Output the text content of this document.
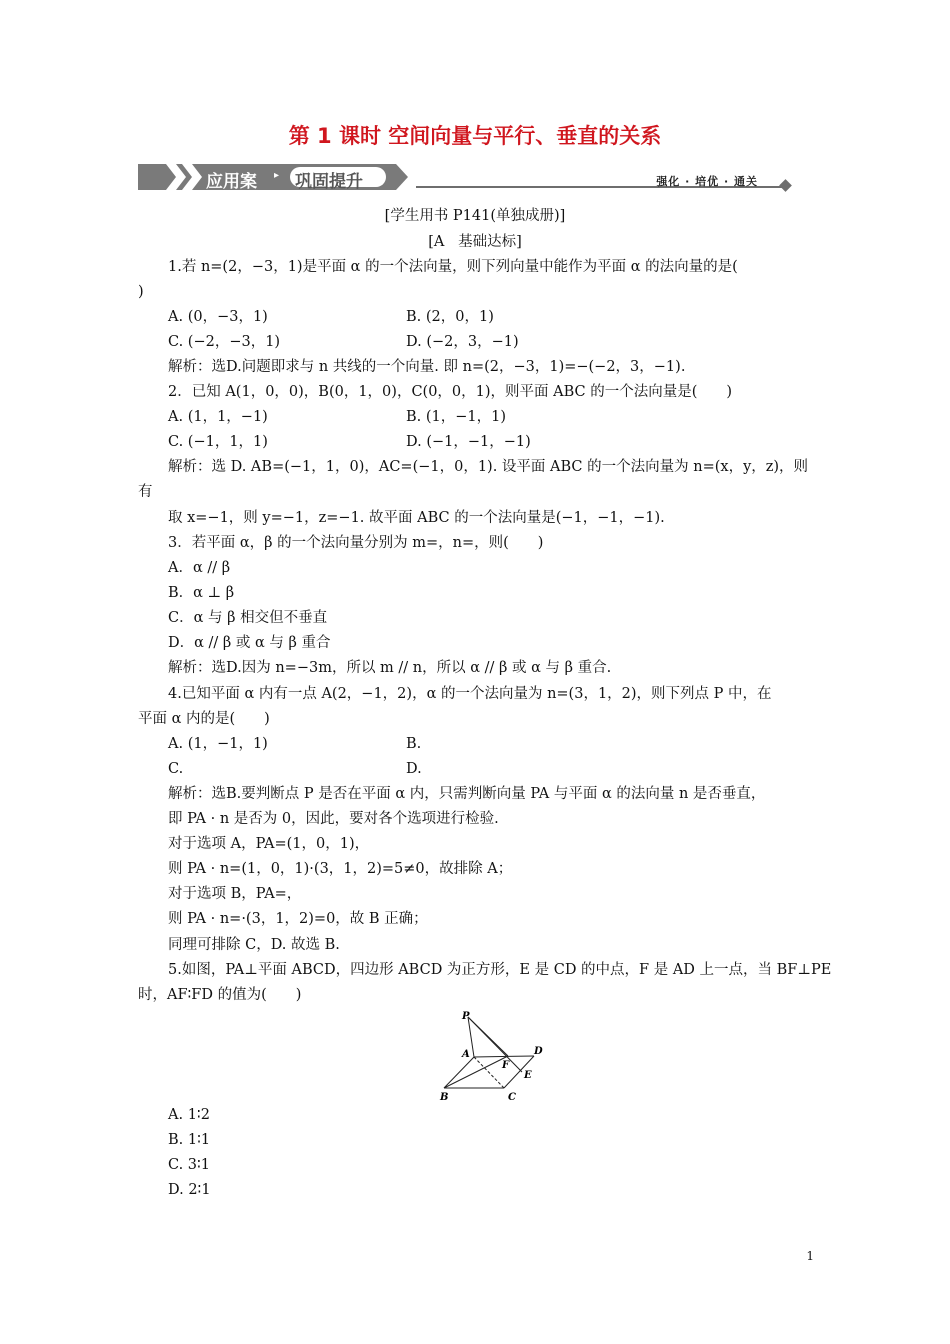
第 1 课时 空间向量与平行、垂直的关系
应用案 ▸ 巩固提升	强化 · 培优 · 通关
[学生用书 P141(单独成册)]
[A   基础达标]
1.若 n=(2，−3，1)是平面 α 的一个法向量，则下列向量中能作为平面 α 的法向量的是(
)
A. (0，−3，1)	B. (2，0，1)
C. (−2，−3，1)	D. (−2，3，−1)
解析：选D.问题即求与 n 共线的一个向量. 即 n=(2，−3，1)=−(−2，3，−1).
2．已知 A(1，0，0)，B(0，1，0)，C(0，0，1)，则平面 ABC 的一个法向量是(　　)
A. (1，1，−1)	B. (1，−1，1)
C. (−1，1，1)	D. (−1，−1，−1)
解析：选 D. AB=(−1，1，0)，AC=(−1，0，1). 设平面 ABC 的一个法向量为 n=(x，y，z)，则
有
取 x=−1，则 y=−1，z=−1. 故平面 ABC 的一个法向量是(−1，−1，−1).
3．若平面 α，β 的一个法向量分别为 m=，n=，则(　　)
A．α // β
B．α ⊥ β
C．α 与 β 相交但不垂直
D．α // β 或 α 与 β 重合
解析：选D.因为 n=−3m，所以 m // n，所以 α // β 或 α 与 β 重合.
4.已知平面 α 内有一点 A(2，−1，2)，α 的一个法向量为 n=(3，1，2)，则下列点 P 中，在
平面 α 内的是(　　)
A. (1，−1，1)	B.
C.	D.
解析：选B.要判断点 P 是否在平面 α 内，只需判断向量 PA 与平面 α 的法向量 n 是否垂直，
即 PA · n 是否为 0，因此，要对各个选项进行检验.
对于选项 A，PA=(1，0，1)，
则 PA · n=(1，0，1)·(3，1，2)=5≠0，故排除 A；
对于选项 B，PA=，
则 PA · n=·(3，1，2)=0，故 B 正确；
同理可排除 C，D. 故选 B.
5.如图，PA⊥平面 ABCD，四边形 ABCD 为正方形，E 是 CD 的中点，F 是 AD 上一点，当 BF⊥PE
时，AF∶FD 的值为(　　)
P
A	D
F
E
B	C
A. 1∶2
B. 1∶1
C. 3∶1
D. 2∶1
1
